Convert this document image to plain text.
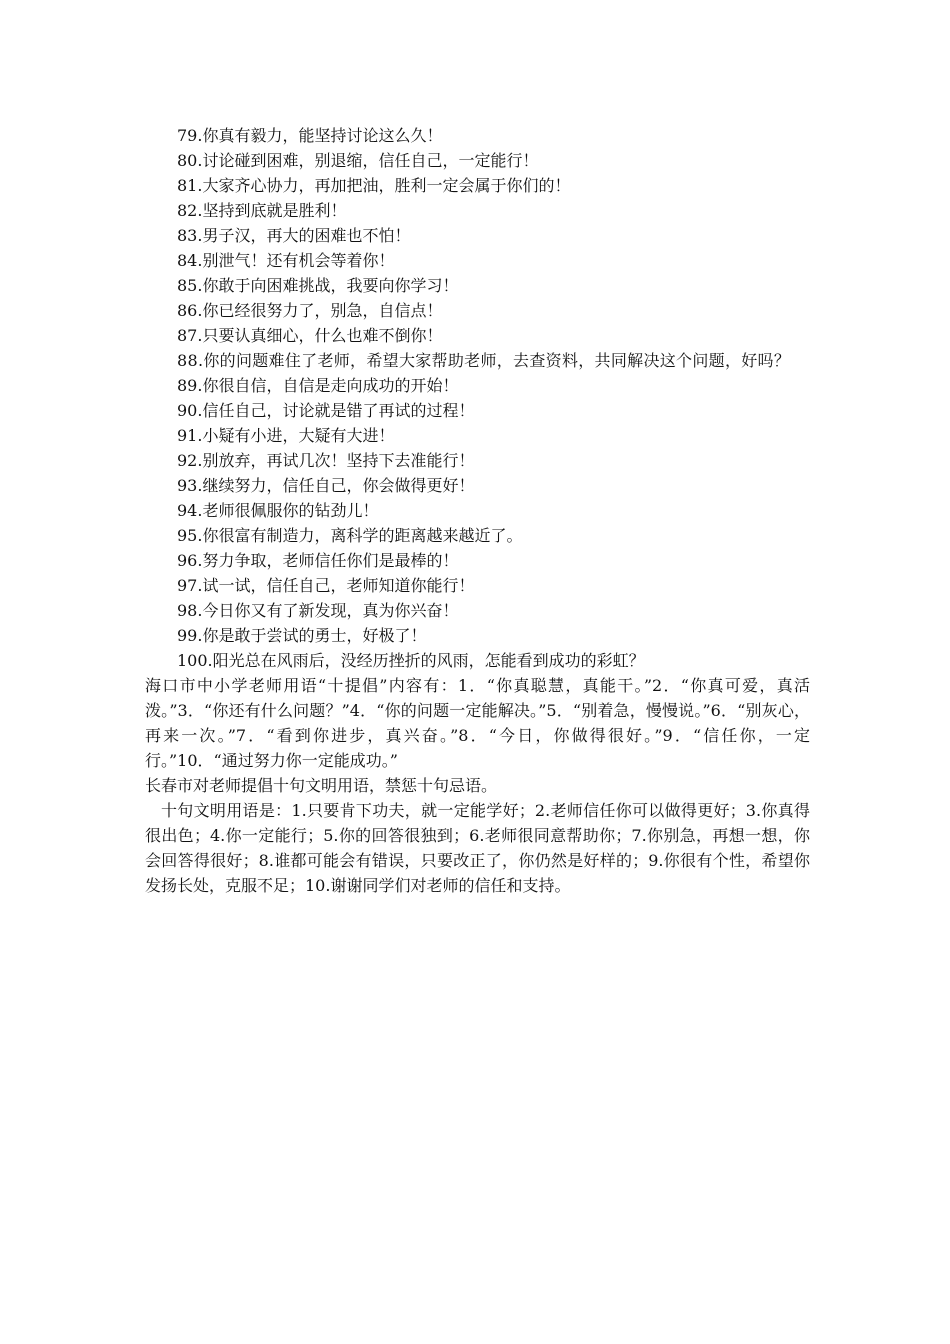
79.你真有毅力，能坚持讨论这么久！

80.讨论碰到困难，别退缩，信任自己，一定能行！

81.大家齐心协力，再加把油，胜利一定会属于你们的！

82.坚持到底就是胜利！

83.男子汉，再大的困难也不怕！

84.别泄气！还有机会等着你！

85.你敢于向困难挑战，我要向你学习！

86.你已经很努力了，别急，自信点！

87.只要认真细心，什么也难不倒你！

88.你的问题难住了老师，希望大家帮助老师，去查资料，共同解决这个问题，好吗？

89.你很自信，自信是走向成功的开始！

90.信任自己，讨论就是错了再试的过程！

91.小疑有小进，大疑有大进！

92.别放弃，再试几次！坚持下去准能行！

93.继续努力，信任自己，你会做得更好！

94.老师很佩服你的钻劲儿！

95.你很富有制造力，离科学的距离越来越近了。

96.努力争取，老师信任你们是最棒的！

97.试一试，信任自己，老师知道你能行！

98.今日你又有了新发现，真为你兴奋！

99.你是敢于尝试的勇士，好极了！

100.阳光总在风雨后，没经历挫折的风雨，怎能看到成功的彩虹？

海口市中小学老师用语“十提倡”内容有：1．“你真聪慧，真能干。”2．“你真可爱，真活泼。”3．“你还有什么问题？”4．“你的问题一定能解决。”5．“别着急，慢慢说。”6．“别灰心，再来一次。”7．“看到你进步，真兴奋。”8．“今日，你做得很好。”9．“信任你，一定行。”10．“通过努力你一定能成功。”

长春市对老师提倡十句文明用语，禁惩十句忌语。

十句文明用语是：1.只要肯下功夫，就一定能学好；2.老师信任你可以做得更好；3.你真得很出色；4.你一定能行；5.你的回答很独到；6.老师很同意帮助你；7.你别急，再想一想，你会回答得很好；8.谁都可能会有错误，只要改正了，你仍然是好样的；9.你很有个性，希望你发扬长处，克服不足；10.谢谢同学们对老师的信任和支持。
